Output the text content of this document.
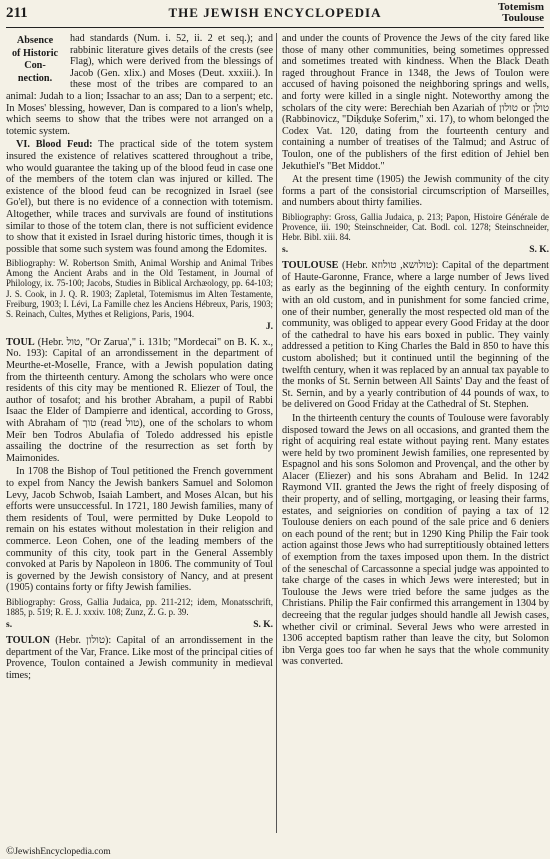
211	THE JEWISH ENCYCLOPEDIA	Totemism
Toulouse
Absence
of Historic
Con-
nection.

had standards (Num. i. 52, ii. 2 et seq.); and rabbinic literature gives details of the crests (see Flag), which were derived from the blessings of Jacob (Gen. xlix.) and Moses (Deut. xxxiii.). In these most of the tribes are compared to an animal: Judah to a lion; Issachar to an ass; Dan to a serpent; etc. In Moses' blessing, however, Dan is compared to a lion's whelp, which seems to show that the tribes were not arranged on a totemic system.

VI. Blood Feud: The practical side of the totem system insured the existence of relatives scattered throughout a tribe, who would guarantee the taking up of the blood feud in case one of the members of the totem clan was injured or killed. The existence of the blood feud can be recognized in Israel (see Go'el), but there is no evidence of a connection with totemism. Altogether, while traces and survivals are found of institutions similar to those of the totem clan, there is not sufficient evidence to show that it existed in Israel during historic times, though it is possible that some such system was found among the Edomites.

Bibliography: W. Robertson Smith, Animal Worship and Animal Tribes Among the Ancient Arabs and in the Old Testament, in Journal of Philology, ix. 75-100; Jacobs, Studies in Biblical Archæology, pp. 64-103; J. S. Cook, in J. Q. R. 1903; Zapletal, Totemismus im Alten Testamente, Freiburg, 1903; I. Lévi, La Famille chez les Anciens Hébreux, Paris, 1903; S. Reinach, Cultes, Mythes et Religions, Paris, 1904.

J.

TOUL (Hebr. טול, "Or Zarua'," i. 131b; "Mordecai" on B. K. x., No. 193): Capital of an arrondissement in the department of Meurthe-et-Moselle, France, with a Jewish population dating from the thirteenth century. Among the scholars who were once residents of this city may be mentioned R. Eliezer of Toul, the author of tosafot; and his brother Abraham, a pupil of Rabbi Isaac the Elder of Dampierre and identical, according to Gross, with Abraham of טוך (read טול), one of the scholars to whom Meïr ben Todros Abulafia of Toledo addressed his epistle assailing the doctrine of the resurrection as set forth by Maimonides.

In 1708 the Bishop of Toul petitioned the French government to expel from Nancy the Jewish bankers Samuel and Solomon Levy, Jacob Schwob, Isaiah Lambert, and Moses Alcan, but his efforts were unsuccessful. In 1721, 180 Jewish families, many of them residents of Toul, were permitted by Duke Leopold to remain on his estates without molestation in their religion and commerce. Leon Cohen, one of the leading members of the community of this city, took part in the General Assembly convoked at Paris by Napoleon in 1806. The community of Toul is governed by the Jewish consistory of Nancy, and at present (1905) contains forty or fifty Jewish families.

Bibliography: Gross, Gallia Judaica, pp. 211-212; idem, Monatsschrift, 1885, p. 519; R. E. J. xxxiv. 108; Zunz, Z. G. p. 39.

s.	S. K.

TOULON (Hebr. טולון): Capital of an arrondissement in the department of the Var, France. Like most of the principal cities of Provence, Toulon contained a Jewish community in medieval times;

and under the counts of Provence the Jews of the city fared like those of many other communities, being sometimes oppressed and sometimes treated with kindness. When the Black Death raged throughout France in 1348, the Jews of Toulon were accused of having poisoned the neighboring springs and wells, and forty were killed in a single night. Noteworthy among the scholars of the city were: Berechiah ben Azariah of טולון or טולן (Rabbinovicz, "Diḳduḳe Soferim," xi. 17), to whom belonged the Codex Vat. 120, dating from the fourteenth century and containing a number of treatises of the Talmud; and Astruc of Toulon, one of the publishers of the first edition of Jehiel ben Jekuthiel's "Bet Middot."

At the present time (1905) the Jewish community of the city forms a part of the consistorial circumscription of Marseilles, and numbers about thirty families.

Bibliography: Gross, Gallia Judaica, p. 213; Papon, Histoire Générale de Provence, iii. 190; Steinschneider, Cat. Bodl. col. 1278; Steinschneider, Hebr. Bibl. xiii. 84.

s.	S. K.

TOULOUSE (Hebr. טולושא, טולוזא): Capital of the department of Haute-Garonne, France, where a large number of Jews lived as early as the beginning of the eighth century. In conformity with an old custom, and in punishment for some fancied crime, one of their number, generally the most respected old man of the community, was obliged to appear every Good Friday at the door of the cathedral to have his ears boxed in public. They vainly addressed a petition to King Charles the Bald in 850 to have this custom abolished; but it continued until the beginning of the twelfth century, when it was replaced by an annual tax payable to the monks of St. Sernin between All Saints' Day and the feast of St. Sernin, and by a yearly contribution of 44 pounds of wax, to be delivered on Good Friday at the Cathedral of St. Stephen.

In the thirteenth century the counts of Toulouse were favorably disposed toward the Jews on all occasions, and granted them the right of acquiring real estate without paying rent. Many estates were held by two prominent Jewish families, one represented by Espagnol and his sons Solomon and Provençal, and the other by Alacer (Eliezer) and his sons Abraham and Belid. In 1242 Raymond VII. granted the Jews the right of freely disposing of their property, and of selling, mortgaging, or leasing their farms, estates, and seigniories on condition of paying a tax of 12 Toulouse deniers on each pound of the sale price and 6 deniers on each pound of the rent; but in 1290 King Philip the Fair took action against those Jews who had surreptitiously obtained letters of exemption from the taxes imposed upon them. In the district of the seneschal of Carcassonne a special judge was appointed to take charge of the cases in which Jews were interested; but in Toulouse the Jews were tried before the same judges as the Christians. Philip the Fair confirmed this arrangement in 1304 by decreeing that the regular judges should handle all Jewish cases, whether civil or criminal. Several Jews who were arrested in 1306 accepted baptism rather than leave the city, but Solomon ibn Verga goes too far when he says that the whole community was converted.

©JewishEncyclopedia.com
